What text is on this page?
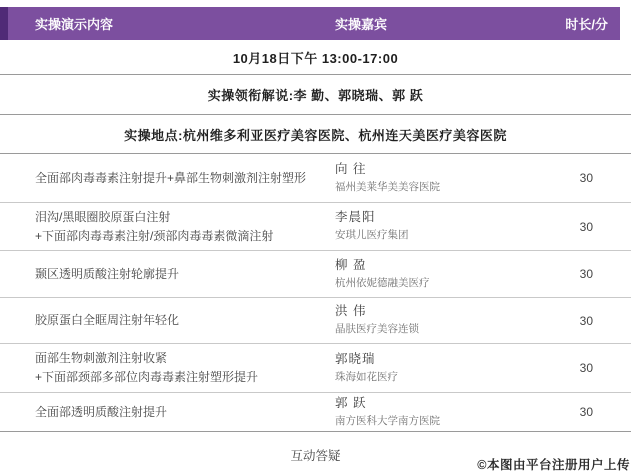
实操演示内容	实操嘉宾	时长/分
10月18日下午 13:00-17:00
实操领衔解说:李 勤、郭晓瑞、郭 跃
实操地点:杭州维多利亚医疗美容医院、杭州连天美医疗美容医院
全面部肉毒毒素注射提升+鼻部生物刺激剂注射塑形
向 往
福州美莱华美美容医院
30
泪沟/黑眼圈胶原蛋白注射
+下面部肉毒毒素注射/颈部肉毒毒素微滴注射
李晨阳
安琪儿医疗集团
30
颞区透明质酸注射轮廓提升
柳 盈
杭州依妮德融美医疗
30
胶原蛋白全眶周注射年轻化
洪 伟
晶肤医疗美容连锁
30
面部生物刺激剂注射收紧
+下面部颈部多部位肉毒毒素注射塑形提升
郭晓瑞
珠海如花医疗
30
全面部透明质酸注射提升
郭 跃
南方医科大学南方医院
30
互动答疑
©本图由平台注册用户上传
